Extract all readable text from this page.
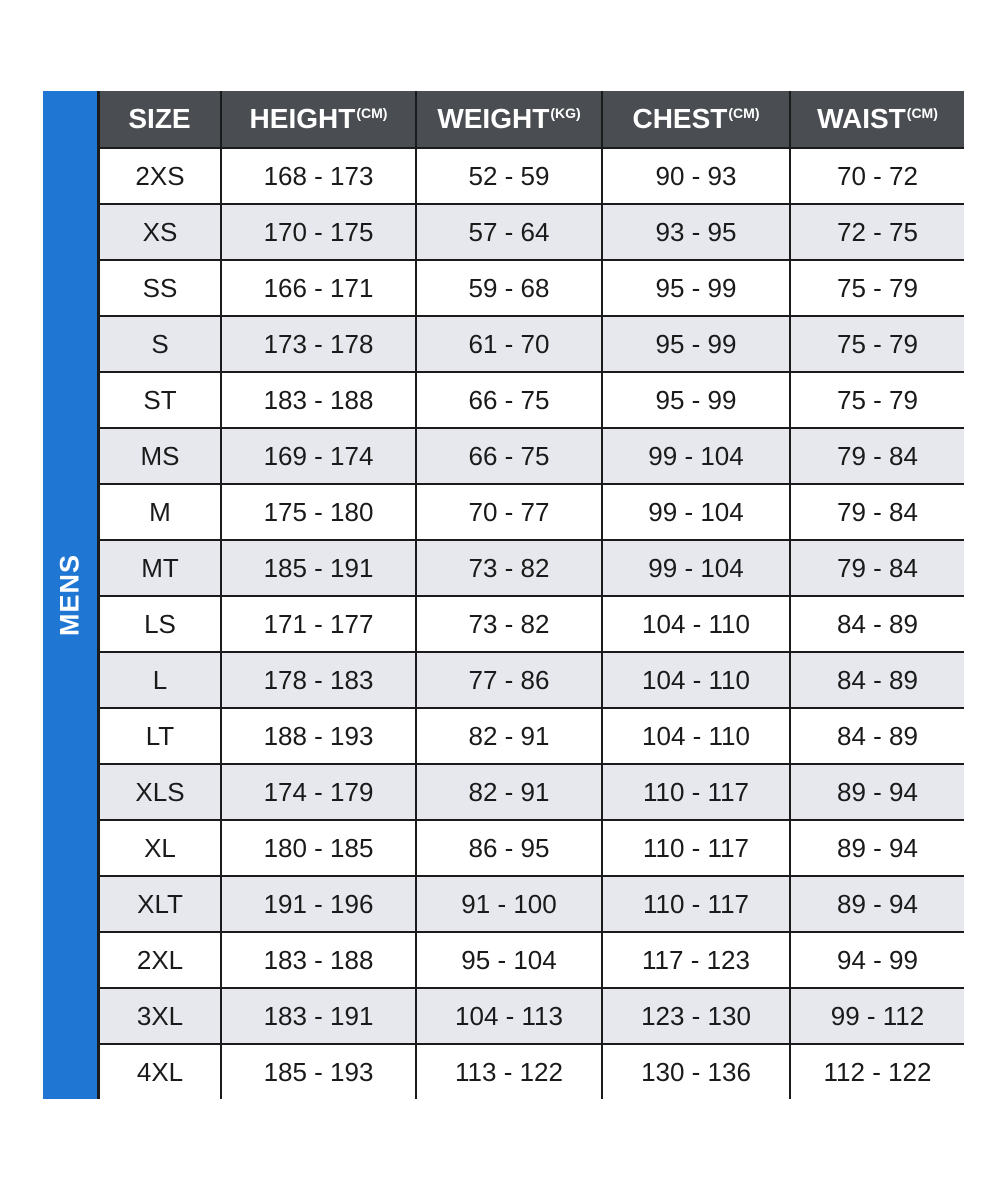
MENS
SIZE	$HEIGHT^{(CM)}$	$WEIGHT^{(KG)}$	$CHEST^{(CM)}$	$WAIST^{(CM)}$
2XS	168 - 173	52 - 59	90 - 93	70 - 72
XS	170 - 175	57 - 64	93 - 95	72 - 75
SS	166 - 171	59 - 68	95 - 99	75 - 79
S	173 - 178	61 - 70	95 - 99	75 - 79
ST	183 - 188	66 - 75	95 - 99	75 - 79
MS	169 - 174	66 - 75	99 - 104	79 - 84
M	175 - 180	70 - 77	99 - 104	79 - 84
MT	185 - 191	73 - 82	99 - 104	79 - 84
LS	171 - 177	73 - 82	104 - 110	84 - 89
L	178 - 183	77 - 86	104 - 110	84 - 89
LT	188 - 193	82 - 91	104 - 110	84 - 89
XLS	174 - 179	82 - 91	110 - 117	89 - 94
XL	180 - 185	86 - 95	110 - 117	89 - 94
XLT	191 - 196	91 - 100	110 - 117	89 - 94
2XL	183 - 188	95 - 104	117 - 123	94 - 99
3XL	183 - 191	104 - 113	123 - 130	99 - 112
4XL	185 - 193	113 - 122	130 - 136	112 - 122
